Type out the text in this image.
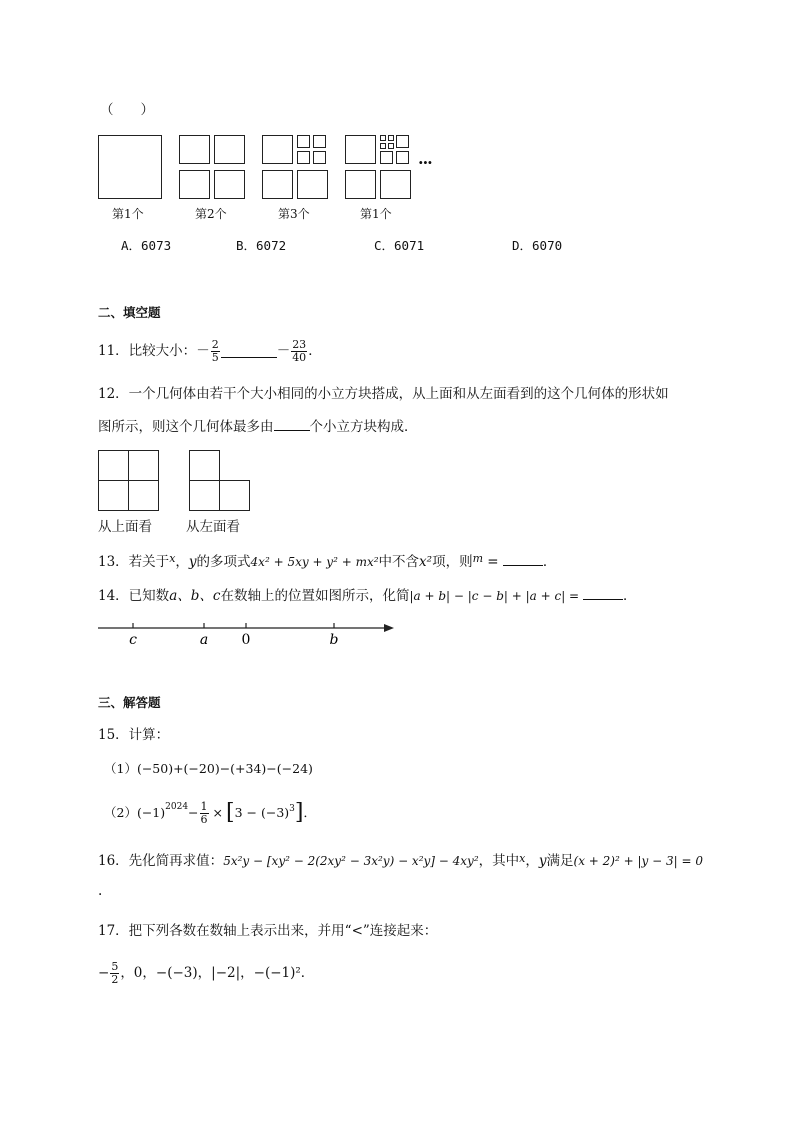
（　　）
···
第1个	第2个	第3个	第1个
A．6073	B．6072	C．6071	D．6070
二、填空题
11．比较大小： － $\frac{2}{5}$	－ $\frac{23}{40}$ ．
12．一个几何体由若干个大小相同的小立方块搭成，从上面和从左面看到的这个几何体的形状如
图所示，则这个几何体最多由	个小立方块构成．
从上面看	从左面看
13．若关于$^x$，y的多项式4x² + 5xy + y² + mx²中不含x²项，则$^m$ =	．
14．已知数a、b、c在数轴上的位置如图所示，化简|a + b| − |c − b| + |a + c| =	．
c	a 0	b
三、解答题
15．计算：
（1）(−50)+(−20)−(+34)−(−24)
$(2)(-1)^{2024} - \frac{1}{6}$ × [ $3 - (-3)^3$ ] ．
16．先化简再求值：5x²y − [xy² − 2(2xy² − 3x²y) − x²y] − 4xy²，其中$^x$，y满足(x + 2)² + |y − 3| = 0
.
17．把下列各数在数轴上表示出来，并用“<”连接起来：
− $\frac{5}{2}$ ，0，−(−3)，|−2|，−(−1)²．
